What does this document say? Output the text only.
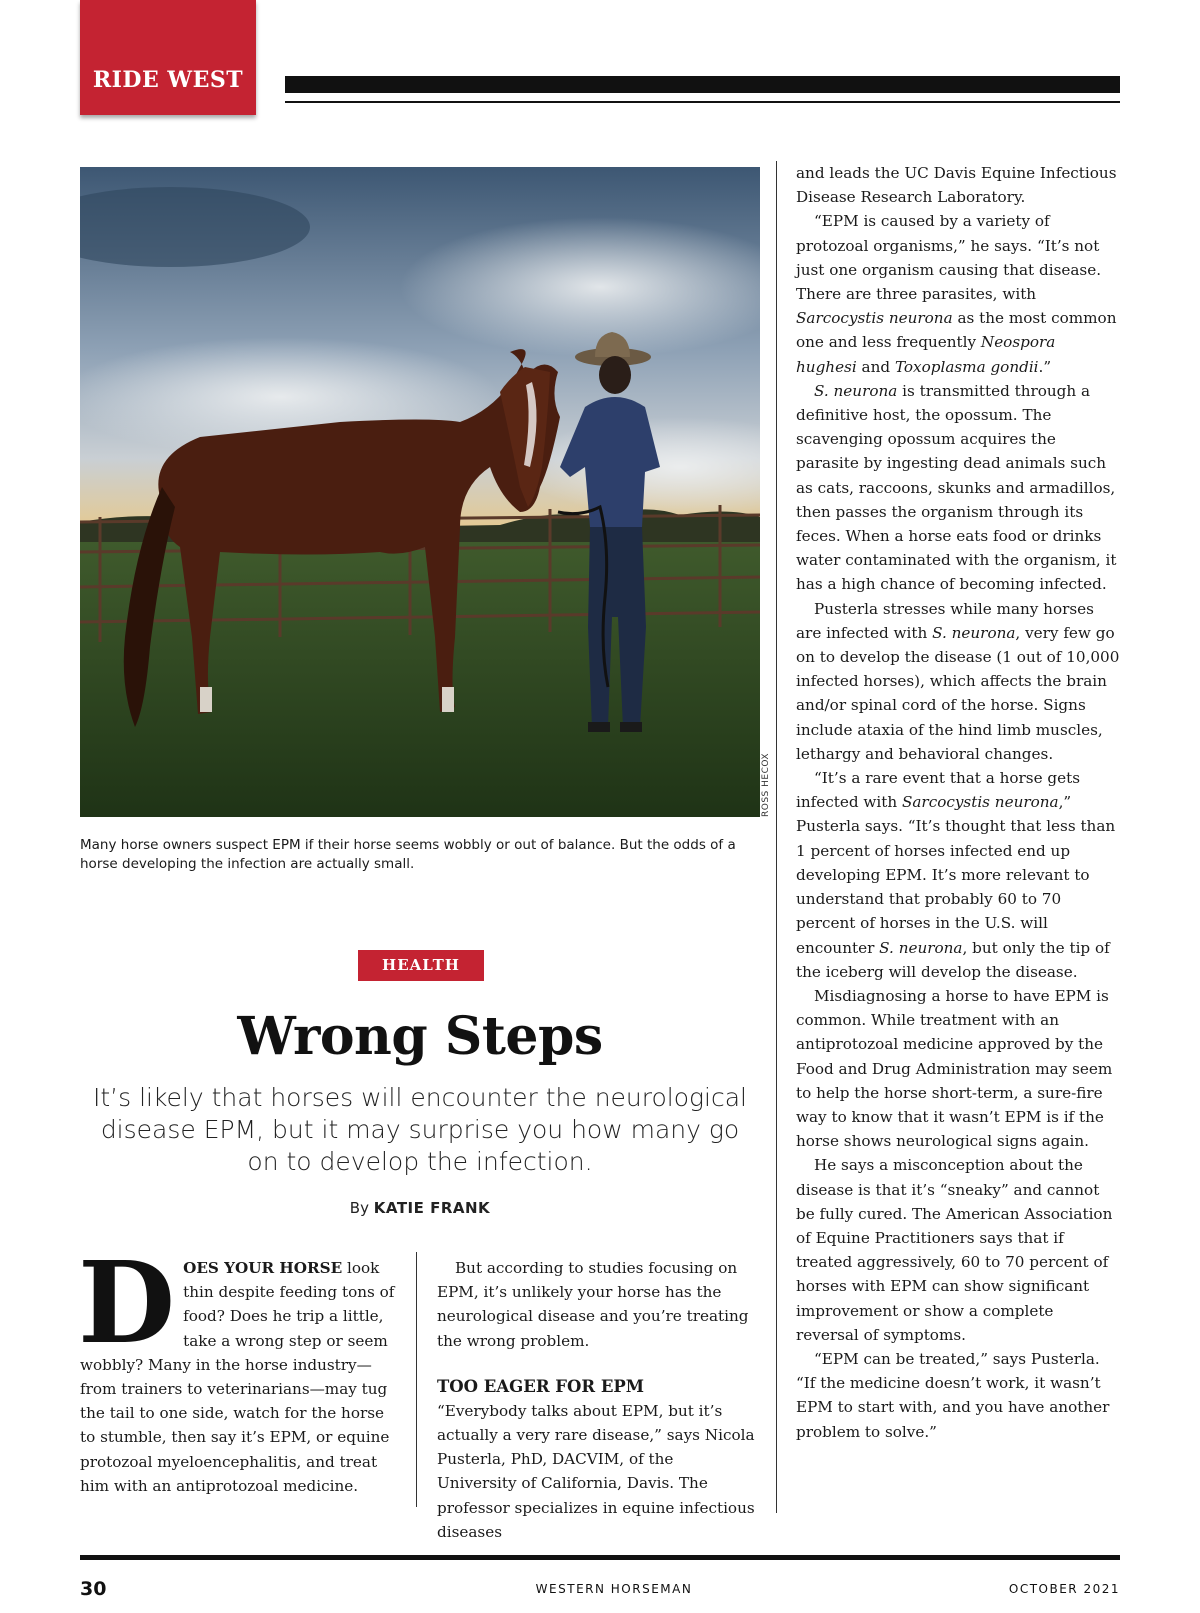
RIDE WEST
ROSS HECOX

Many horse owners suspect EPM if their horse seems wobbly or out of balance. But the odds of a horse developing the infection are actually small.

HEALTH
Wrong Steps

It’s likely that horses will encounter the neurological disease EPM, but it may surprise you how many go on to develop the infection.

By KATIE FRANK

DOES YOUR HORSE look thin despite feeding tons of food? Does he trip a little, take a wrong step or seem wobbly? Many in the horse industry—from trainers to veterinarians—may tug the tail to one side, watch for the horse to stumble, then say it’s EPM, or equine protozoal myeloencephalitis, and treat him with an antiprotozoal medicine.

But according to studies focusing on EPM, it’s unlikely your horse has the neurological disease and you’re treating the wrong problem.

TOO EAGER FOR EPM

“Everybody talks about EPM, but it’s actually a very rare disease,” says Nicola Pusterla, PhD, DACVIM, of the University of California, Davis. The professor specializes in equine infectious diseases

and leads the UC Davis Equine Infectious Disease Research Laboratory.

“EPM is caused by a variety of protozoal organisms,” he says. “It’s not just one organism causing that disease. There are three parasites, with Sarcocystis neurona as the most common one and less frequently Neospora hughesi and Toxoplasma gondii.”

S. neurona is transmitted through a definitive host, the opossum. The scavenging opossum acquires the parasite by ingesting dead animals such as cats, raccoons, skunks and armadillos, then passes the organism through its feces. When a horse eats food or drinks water contaminated with the organism, it has a high chance of becoming infected.

Pusterla stresses while many horses are infected with S. neurona, very few go on to develop the disease (1 out of 10,000 infected horses), which affects the brain and/or spinal cord of the horse. Signs include ataxia of the hind limb muscles, lethargy and behavioral changes.

“It’s a rare event that a horse gets infected with Sarcocystis neurona,” Pusterla says. “It’s thought that less than 1 percent of horses infected end up developing EPM. It’s more relevant to understand that probably 60 to 70 percent of horses in the U.S. will encounter S. neurona, but only the tip of the iceberg will develop the disease.

Misdiagnosing a horse to have EPM is common. While treatment with an antiprotozoal medicine approved by the Food and Drug Administration may seem to help the horse short-term, a sure-fire way to know that it wasn’t EPM is if the horse shows neurological signs again.

He says a misconception about the disease is that it’s “sneaky” and cannot be fully cured. The American Association of Equine Practitioners says that if treated aggressively, 60 to 70 percent of horses with EPM can show significant improvement or show a complete reversal of symptoms.

“EPM can be treated,” says Pusterla. “If the medicine doesn’t work, it wasn’t EPM to start with, and you have another problem to solve.”

30	WESTERN HORSEMAN	OCTOBER 2021
